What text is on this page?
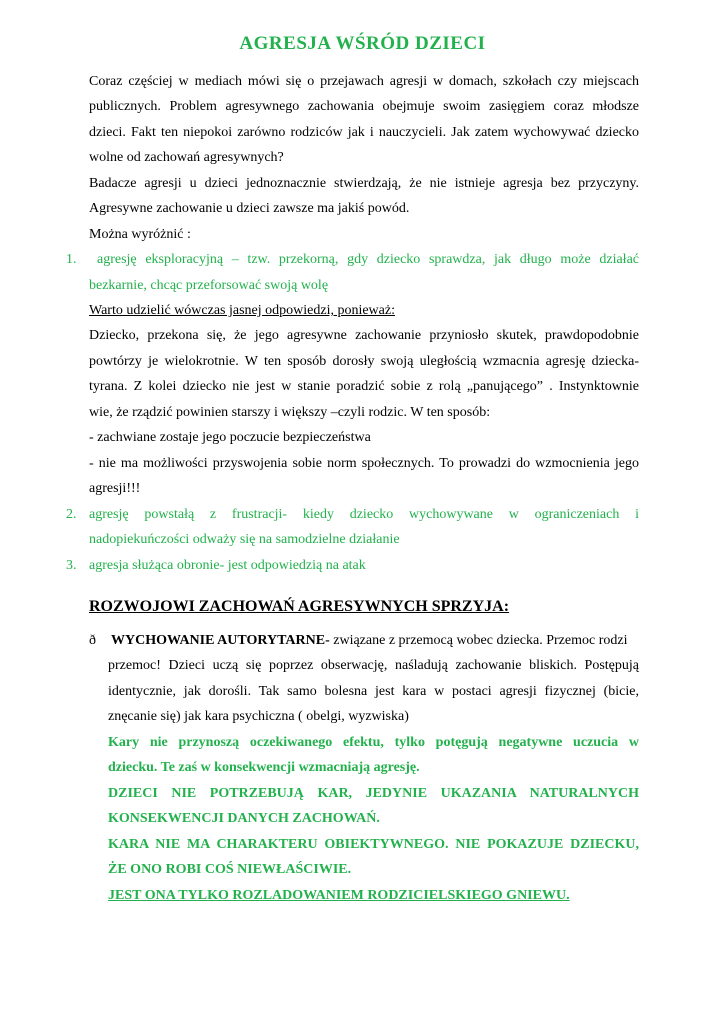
AGRESJA WŚRÓD DZIECI
Coraz częściej w mediach mówi się o przejawach agresji w domach, szkołach czy miejscach
publicznych. Problem agresywnego zachowania obejmuje swoim zasięgiem coraz młodsze
dzieci. Fakt ten niepokoi zarówno rodziców jak i nauczycieli. Jak zatem wychowywać dziecko
wolne od zachowań agresywnych?
Badacze agresji u dzieci jednoznacznie stwierdzają, że nie istnieje agresja bez przyczyny.
Agresywne zachowanie u dzieci zawsze ma jakiś powód.
Można wyróżnić :
1. agresję eksploracyjną – tzw. przekorną, gdy dziecko sprawdza, jak długo może działać
bezkarnie, chcąc przeforsować swoją wolę
Warto udzielić wówczas jasnej odpowiedzi, ponieważ:
Dziecko, przekona się, że jego agresywne zachowanie przyniosło skutek, prawdopodobnie
powtórzy je wielokrotnie. W ten sposób dorosły swoją uległością wzmacnia agresję dziecka-
tyrana. Z kolei dziecko nie jest w stanie poradzić sobie z rolą „panującego” . Instynktownie
wie, że rządzić powinien starszy i większy –czyli rodzic. W ten sposób:
- zachwiane zostaje jego poczucie bezpieczeństwa
- nie ma możliwości przyswojenia sobie norm społecznych. To prowadzi do wzmocnienia jego
agresji!!!
2. agresję powstałą z frustracji- kiedy dziecko wychowywane w ograniczeniach i
nadopiekuńczości odważy się na samodzielne działanie
3. agresja służąca obronie- jest odpowiedzią na atak
ROZWOJOWI ZACHOWAŃ AGRESYWNYCH SPRZYJA:
ð WYCHOWANIE AUTORYTARNE- związane z przemocą wobec dziecka. Przemoc rodzi
przemoc! Dzieci uczą się poprzez obserwację, naśladują zachowanie bliskich. Postępują
identycznie, jak dorośli. Tak samo bolesna jest kara w postaci agresji fizycznej (bicie,
znęcanie się) jak kara psychiczna ( obelgi, wyzwiska)
Kary nie przynoszą oczekiwanego efektu, tylko potęgują negatywne uczucia w
dziecku. Te zaś w konsekwencji wzmacniają agresję.
DZIECI NIE POTRZEBUJĄ KAR, JEDYNIE UKAZANIA NATURALNYCH
KONSEKWENCJI DANYCH ZACHOWAŃ.
KARA NIE MA CHARAKTERU OBIEKTYWNEGO. NIE POKAZUJE DZIECKU,
ŻE ONO ROBI COŚ NIEWŁAŚCIWIE.
JEST ONA TYLKO ROZLADOWANIEM RODZICIELSKIEGO GNIEWU.
